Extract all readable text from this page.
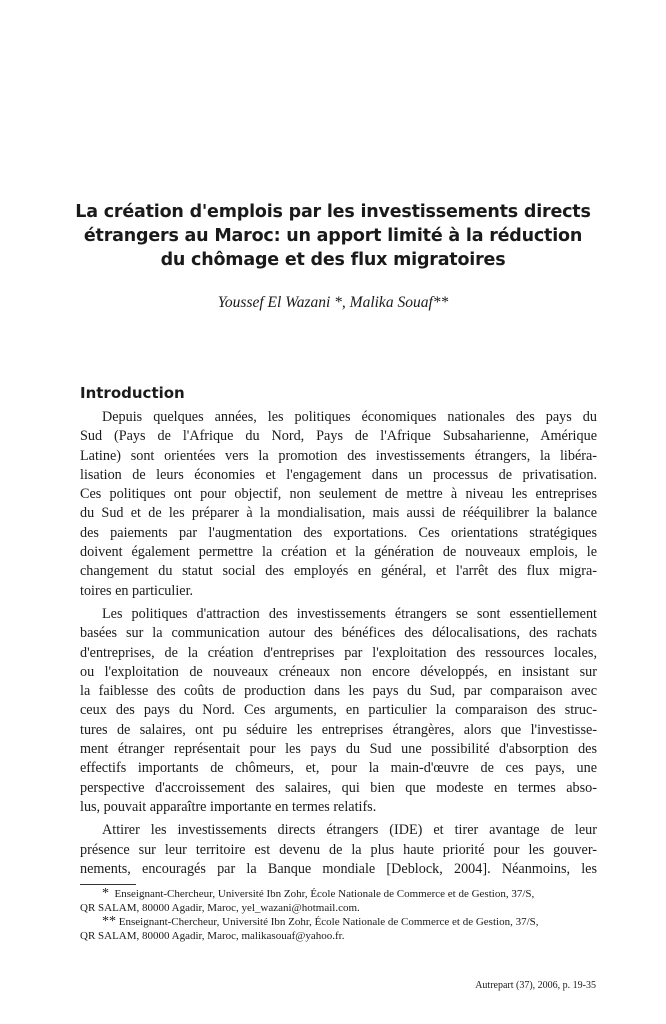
La création d'emplois par les investissements directs
étrangers au Maroc: un apport limité à la réduction
du chômage et des flux migratoires
Youssef El Wazani *, Malika Souaf**
Introduction

Depuis quelques années, les politiques économiques nationales des pays du
Sud (Pays de l'Afrique du Nord, Pays de l'Afrique Subsaharienne, Amérique
Latine) sont orientées vers la promotion des investissements étrangers, la libéra-
lisation de leurs économies et l'engagement dans un processus de privatisation.
Ces politiques ont pour objectif, non seulement de mettre à niveau les entreprises
du Sud et de les préparer à la mondialisation, mais aussi de rééquilibrer la balance
des paiements par l'augmentation des exportations. Ces orientations stratégiques
doivent également permettre la création et la génération de nouveaux emplois, le
changement du statut social des employés en général, et l'arrêt des flux migra-
toires en particulier.

Les politiques d'attraction des investissements étrangers se sont essentiellement
basées sur la communication autour des bénéfices des délocalisations, des rachats
d'entreprises, de la création d'entreprises par l'exploitation des ressources locales,
ou l'exploitation de nouveaux créneaux non encore développés, en insistant sur
la faiblesse des coûts de production dans les pays du Sud, par comparaison avec
ceux des pays du Nord. Ces arguments, en particulier la comparaison des struc-
tures de salaires, ont pu séduire les entreprises étrangères, alors que l'investisse-
ment étranger représentait pour les pays du Sud une possibilité d'absorption des
effectifs importants de chômeurs, et, pour la main-d'œuvre de ces pays, une
perspective d'accroissement des salaires, qui bien que modeste en termes abso-
lus, pouvait apparaître importante en termes relatifs.

Attirer les investissements directs étrangers (IDE) et tirer avantage de leur
présence sur leur territoire est devenu de la plus haute priorité pour les gouver-
nements, encouragés par la Banque mondiale [Deblock, 2004]. Néanmoins, les

* Enseignant-Chercheur, Université Ibn Zohr, École Nationale de Commerce et de Gestion, 37/S,
QR SALAM, 80000 Agadir, Maroc, yel_wazani@hotmail.com.
** Enseignant-Chercheur, Université Ibn Zohr, École Nationale de Commerce et de Gestion, 37/S,
QR SALAM, 80000 Agadir, Maroc, malikasouaf@yahoo.fr.
Autrepart (37), 2006, p. 19-35
